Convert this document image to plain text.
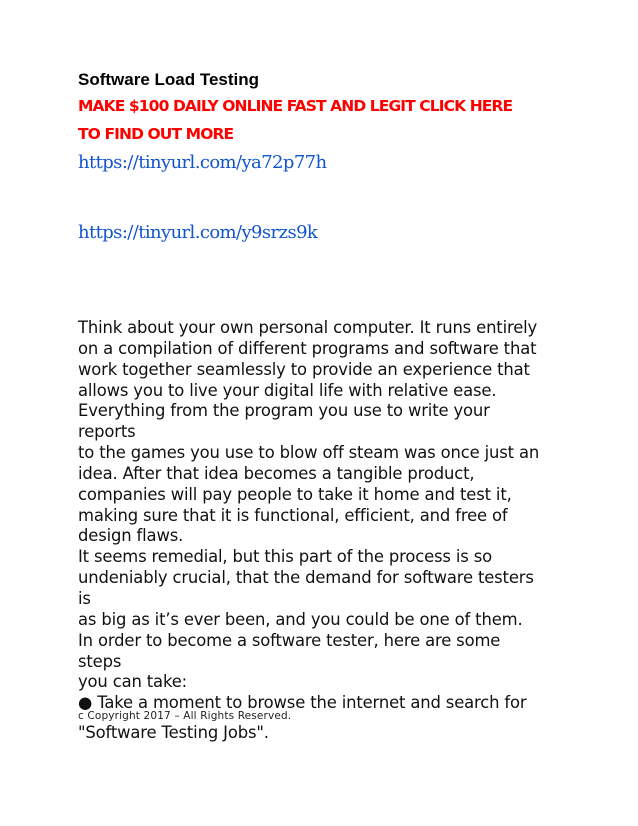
Software Load Testing
MAKE $100 DAILY ONLINE FAST AND LEGIT CLICK HERE
TO FIND OUT MORE
https://tinyurl.com/ya72p77h
https://tinyurl.com/y9srzs9k
Think about your own personal computer. It runs entirely
on a compilation of different programs and software that
work together seamlessly to provide an experience that
allows you to live your digital life with relative ease.
Everything from the program you use to write your
reports
to the games you use to blow off steam was once just an
idea. After that idea becomes a tangible product,
companies will pay people to take it home and test it,
making sure that it is functional, efficient, and free of
design flaws.
It seems remedial, but this part of the process is so
undeniably crucial, that the demand for software testers
is
as big as it’s ever been, and you could be one of them.
In order to become a software tester, here are some
steps
you can take:
● Take a moment to browse the internet and search for
c Copyright 2017 – All Rights Reserved.
"Software Testing Jobs".
